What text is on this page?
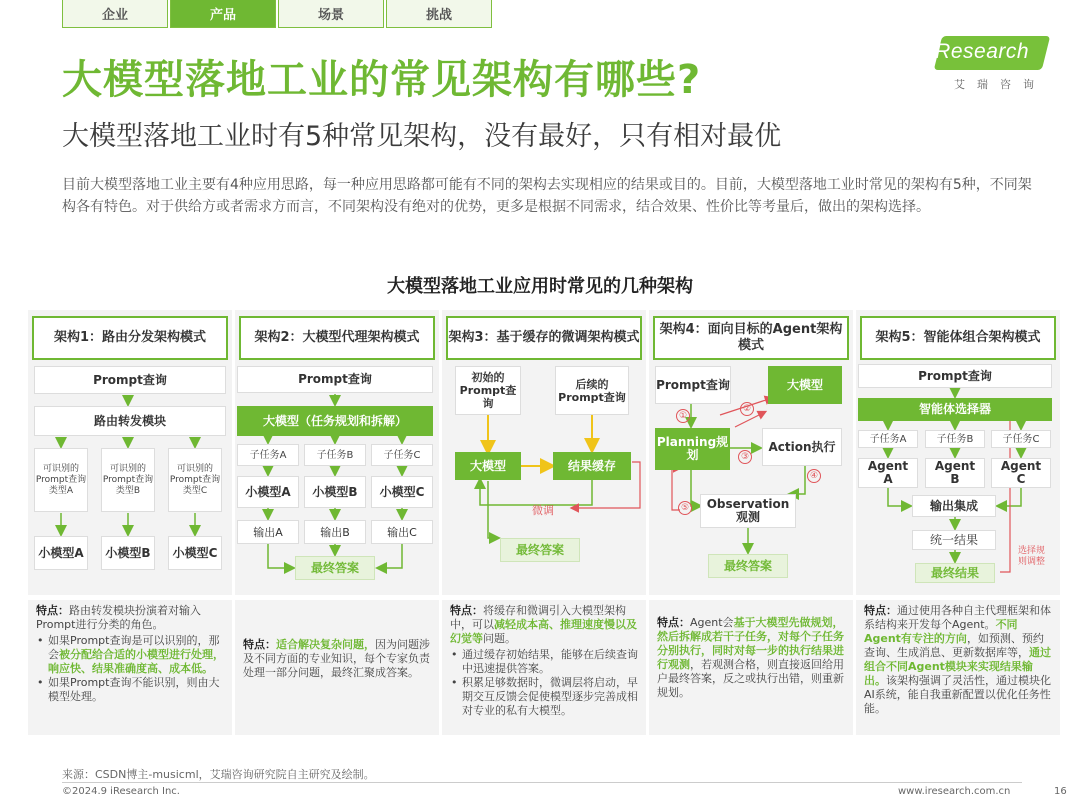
企业	产品	场景	挑战
大模型落地工业的常见架构有哪些?
大模型落地工业时有5种常见架构，没有最好，只有相对最优
iResearch
艾瑞咨询
目前大模型落地工业主要有4种应用思路，每一种应用思路都可能有不同的架构去实现相应的结果或目的。目前，大模型落地工业时常见的架构有5种，不同架构各有特色。对于供给方或者需求方而言，不同架构没有绝对的优势，更多是根据不同需求，结合效果、性价比等考量后，做出的架构选择。
大模型落地工业应用时常见的几种架构
架构1：路由分发架构模式
Prompt查询
路由转发模块
可识别的Prompt查询类型A
可识别的Prompt查询类型B
可识别的Prompt查询类型C
小模型A	小模型B	小模型C
架构2：大模型代理架构模式
Prompt查询
大模型（任务规划和拆解）
子任务A	子任务B	子任务C
小模型A	小模型B	小模型C
输出A	输出B	输出C
最终答案
架构3：基于缓存的微调架构模式
初始的Prompt查询
后续的Prompt查询
大模型	结果缓存
微调
最终答案
架构4：面向目标的Agent架构模式
Prompt查询	大模型
Planning规划
Action执行
Observation观测
最终答案
①
②
③
④
⑤
架构5：智能体组合架构模式
Prompt查询
智能体选择器
子任务A	子任务B	子任务C
Agent A
Agent B
Agent C
输出集成
统一结果
最终结果
选择规则调整
特点：路由转发模块扮演着对输入Prompt进行分类的角色。
• 如果Prompt查询是可以识别的，那会被分配给合适的小模型进行处理，响应快、结果准确度高、成本低。
• 如果Prompt查询不能识别，则由大模型处理。
特点：适合解决复杂问题，因为问题涉及不同方面的专业知识，每个专家负责处理一部分问题，最终汇聚成答案。
特点：将缓存和微调引入大模型架构中，可以减轻成本高、推理速度慢以及幻觉等问题。
• 通过缓存初始结果，能够在后续查询中迅速提供答案。
• 积累足够数据时，微调层将启动，早期交互反馈会促使模型逐步完善成相对专业的私有大模型。
特点：Agent会基于大模型先做规划，然后拆解成若干子任务，对每个子任务分别执行，同时对每一步的执行结果进行观测，若观测合格，则直接返回给用户最终答案，反之或执行出错，则重新规划。
特点：通过使用各种自主代理框架和体系结构来开发每个Agent。不同Agent有专注的方向，如预测、预约查询、生成消息、更新数据库等，通过组合不同Agent模块来实现结果输出。该架构强调了灵活性，通过模块化 AI系统，能自我重新配置以优化任务性能。
来源：CSDN博主-musicml，艾瑞咨询研究院自主研究及绘制。
©2024.9 iResearch Inc.	www.iresearch.com.cn	16
